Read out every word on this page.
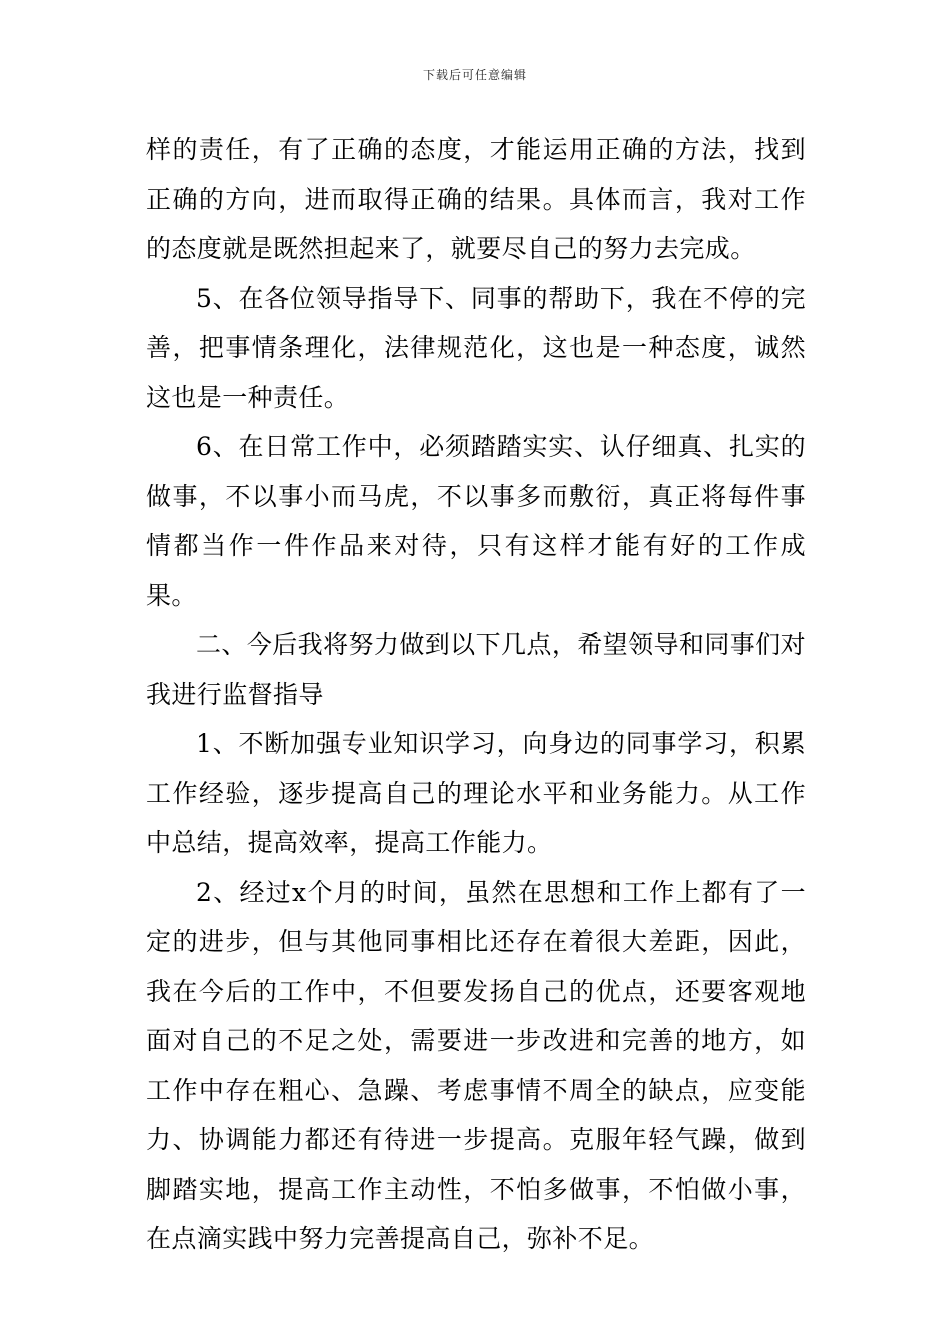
下载后可任意编辑

样的责任，有了正确的态度，才能运用正确的方法，找到正确的方向，进而取得正确的结果。具体而言，我对工作的态度就是既然担起来了，就要尽自己的努力去完成。

5、在各位领导指导下、同事的帮助下，我在不停的完善，把事情条理化，法律规范化，这也是一种态度，诚然这也是一种责任。

6、在日常工作中，必须踏踏实实、认仔细真、扎实的做事，不以事小而马虎，不以事多而敷衍，真正将每件事情都当作一件作品来对待，只有这样才能有好的工作成果。

二、今后我将努力做到以下几点，希望领导和同事们对我进行监督指导

1、不断加强专业知识学习，向身边的同事学习，积累工作经验，逐步提高自己的理论水平和业务能力。从工作中总结，提高效率，提高工作能力。

2、经过x个月的时间，虽然在思想和工作上都有了一定的进步，但与其他同事相比还存在着很大差距，因此，我在今后的工作中，不但要发扬自己的优点，还要客观地面对自己的不足之处，需要进一步改进和完善的地方，如工作中存在粗心、急躁、考虑事情不周全的缺点，应变能力、协调能力都还有待进一步提高。克服年轻气躁，做到脚踏实地，提高工作主动性，不怕多做事，不怕做小事，在点滴实践中努力完善提高自己，弥补不足。
